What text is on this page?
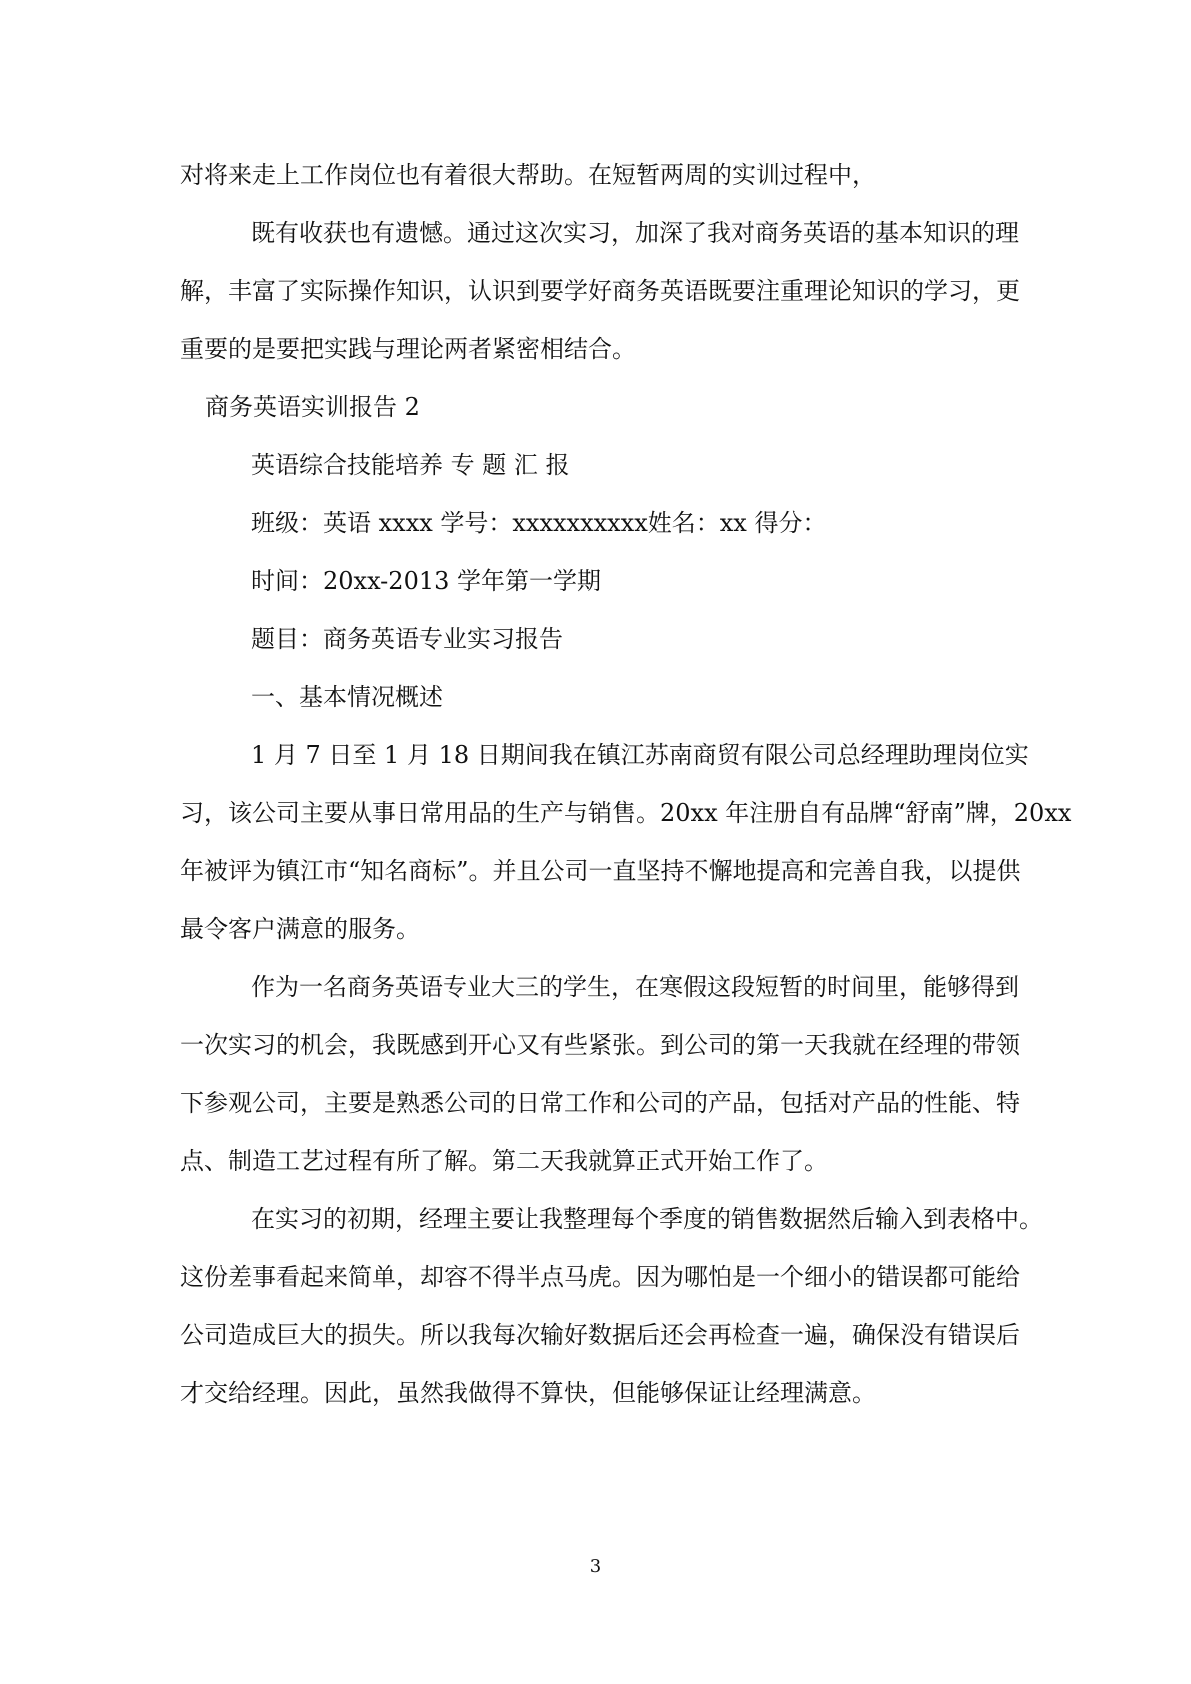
对将来走上工作岗位也有着很大帮助。在短暂两周的实训过程中，
既有收获也有遗憾。通过这次实习，加深了我对商务英语的基本知识的理
解，丰富了实际操作知识，认识到要学好商务英语既要注重理论知识的学习，更
重要的是要把实践与理论两者紧密相结合。
商务英语实训报告 2
英语综合技能培养 专 题 汇 报
班级：英语 xxxx 学号：xxxxxxxxxx姓名：xx 得分：
时间：20xx-2013 学年第一学期
题目：商务英语专业实习报告
一、基本情况概述
1 月 7 日至 1 月 18 日期间我在镇江苏南商贸有限公司总经理助理岗位实
习，该公司主要从事日常用品的生产与销售。20xx 年注册自有品牌“舒南”牌，20xx
年被评为镇江市“知名商标”。并且公司一直坚持不懈地提高和完善自我，以提供
最令客户满意的服务。
作为一名商务英语专业大三的学生，在寒假这段短暂的时间里，能够得到
一次实习的机会，我既感到开心又有些紧张。到公司的第一天我就在经理的带领
下参观公司，主要是熟悉公司的日常工作和公司的产品，包括对产品的性能、特
点、制造工艺过程有所了解。第二天我就算正式开始工作了。
在实习的初期，经理主要让我整理每个季度的销售数据然后输入到表格中。
这份差事看起来简单，却容不得半点马虎。因为哪怕是一个细小的错误都可能给
公司造成巨大的损失。所以我每次输好数据后还会再检查一遍，确保没有错误后
才交给经理。因此，虽然我做得不算快，但能够保证让经理满意。
3
